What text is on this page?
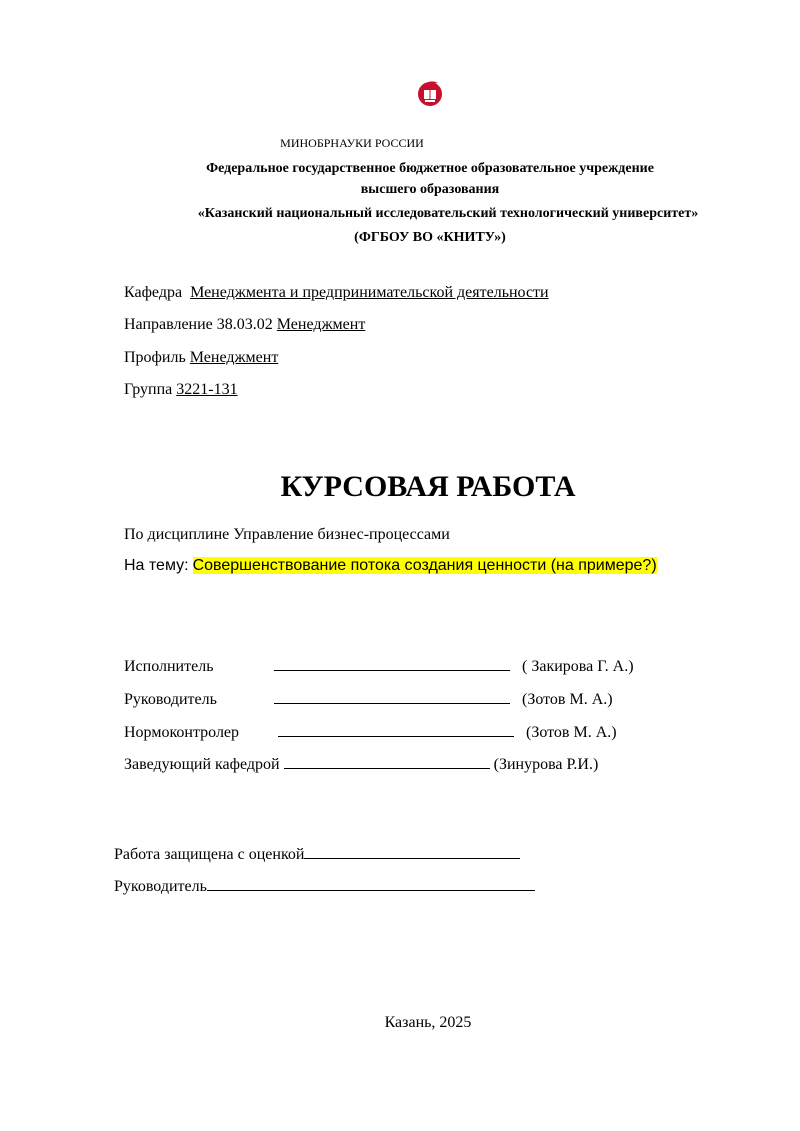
МИНОБРНАУКИ РОССИИ
Федеральное государственное бюджетное образовательное учреждение
высшего образования
«Казанский национальный исследовательский технологический университет»
(ФГБОУ ВО «КНИТУ»)
Кафедра Менеджмента и предпринимательской деятельности
Направление 38.03.02 Менеджмент
Профиль Менеджмент
Группа 3221-131
КУРСОВАЯ РАБОТА
По дисциплине Управление бизнес-процессами
На тему: Совершенствование потока создания ценности (на примере?)
Исполнитель	( Закирова Г. А.)
Руководитель	(Зотов М. А.)
Нормоконтролер	(Зотов М. А.)
Заведующий кафедрой	(Зинурова Р.И.)
Работа защищена с оценкой
Руководитель
Казань, 2025
